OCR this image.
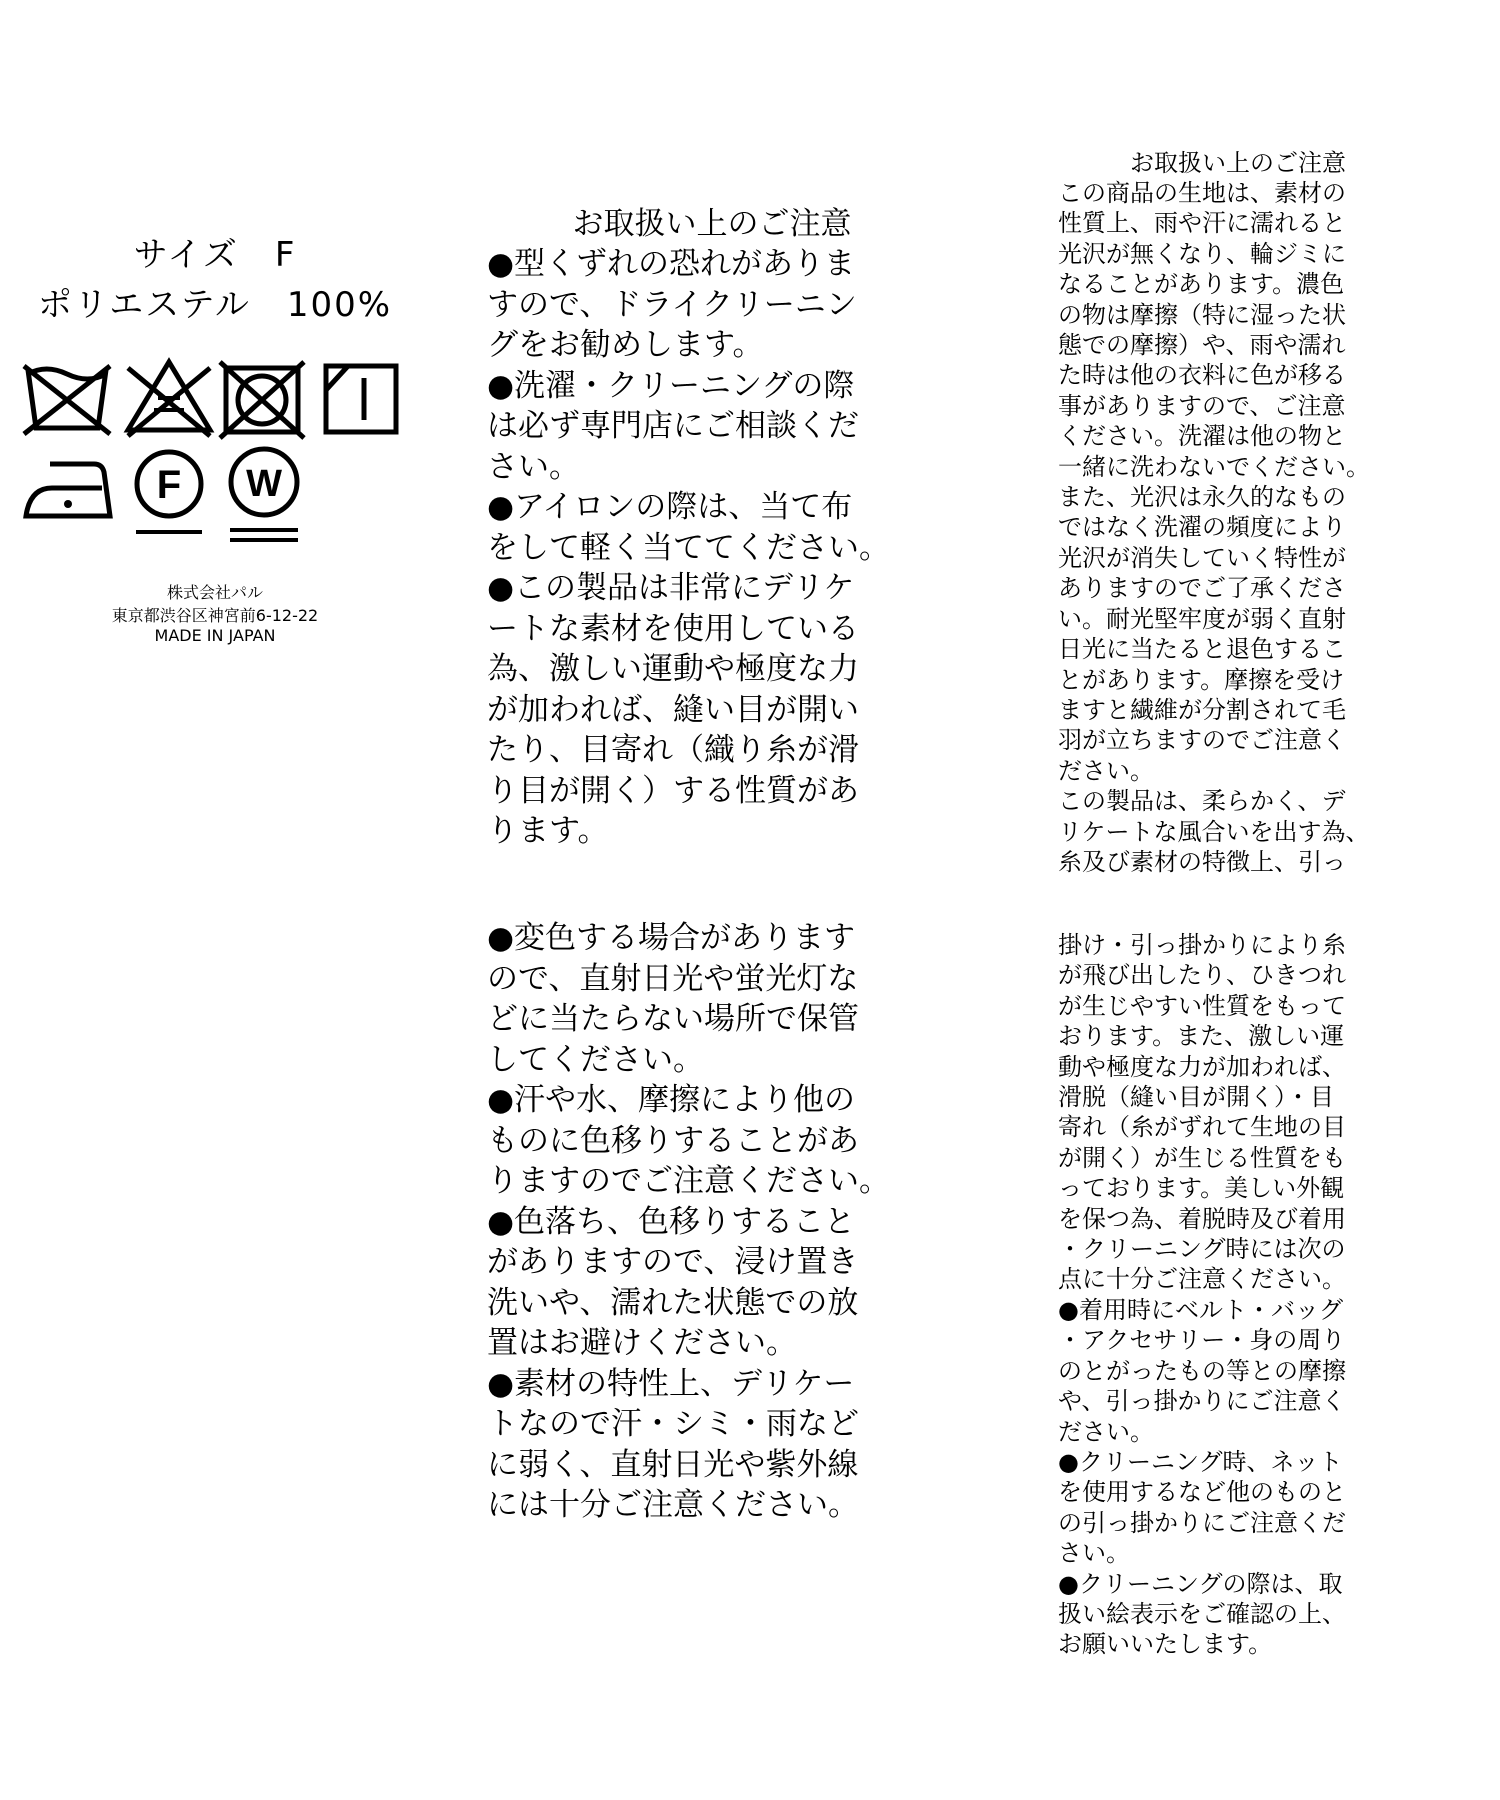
サイズ　F
ポリエステル　100%
F W
株式会社パル
東京都渋谷区神宮前6-12-22
MADE IN JAPAN
お取扱い上のご注意
●型くずれの恐れがありま
すので、ドライクリーニン
グをお勧めします。
●洗濯・クリーニングの際
は必ず専門店にご相談くだ
さい。
●アイロンの際は、当て布
をして軽く当ててください。
●この製品は非常にデリケ
ートな素材を使用している
為、激しい運動や極度な力
が加われば、縫い目が開い
たり、目寄れ（織り糸が滑
り目が開く）する性質があ
ります。
●変色する場合があります
ので、直射日光や蛍光灯な
どに当たらない場所で保管
してください。
●汗や水、摩擦により他の
ものに色移りすることがあ
りますのでご注意ください。
●色落ち、色移りすること
がありますので、浸け置き
洗いや、濡れた状態での放
置はお避けください。
●素材の特性上、デリケー
トなので汗・シミ・雨など
に弱く、直射日光や紫外線
には十分ご注意ください。
お取扱い上のご注意
この商品の生地は、素材の
性質上、雨や汗に濡れると
光沢が無くなり、輪ジミに
なることがあります。濃色
の物は摩擦（特に湿った状
態での摩擦）や、雨や濡れ
た時は他の衣料に色が移る
事がありますので、ご注意
ください。洗濯は他の物と
一緒に洗わないでください。
また、光沢は永久的なもの
ではなく洗濯の頻度により
光沢が消失していく特性が
ありますのでご了承くださ
い。耐光堅牢度が弱く直射
日光に当たると退色するこ
とがあります。摩擦を受け
ますと繊維が分割されて毛
羽が立ちますのでご注意く
ださい。
この製品は、柔らかく、デ
リケートな風合いを出す為、
糸及び素材の特徴上、引っ
掛け・引っ掛かりにより糸
が飛び出したり、ひきつれ
が生じやすい性質をもって
おります。また、激しい運
動や極度な力が加われば、
滑脱（縫い目が開く）・目
寄れ（糸がずれて生地の目
が開く）が生じる性質をも
っております。美しい外観
を保つ為、着脱時及び着用
・クリーニング時には次の
点に十分ご注意ください。
●着用時にベルト・バッグ
・アクセサリー・身の周り
のとがったもの等との摩擦
や、引っ掛かりにご注意く
ださい。
●クリーニング時、ネット
を使用するなど他のものと
の引っ掛かりにご注意くだ
さい。
●クリーニングの際は、取
扱い絵表示をご確認の上、
お願いいたします。
